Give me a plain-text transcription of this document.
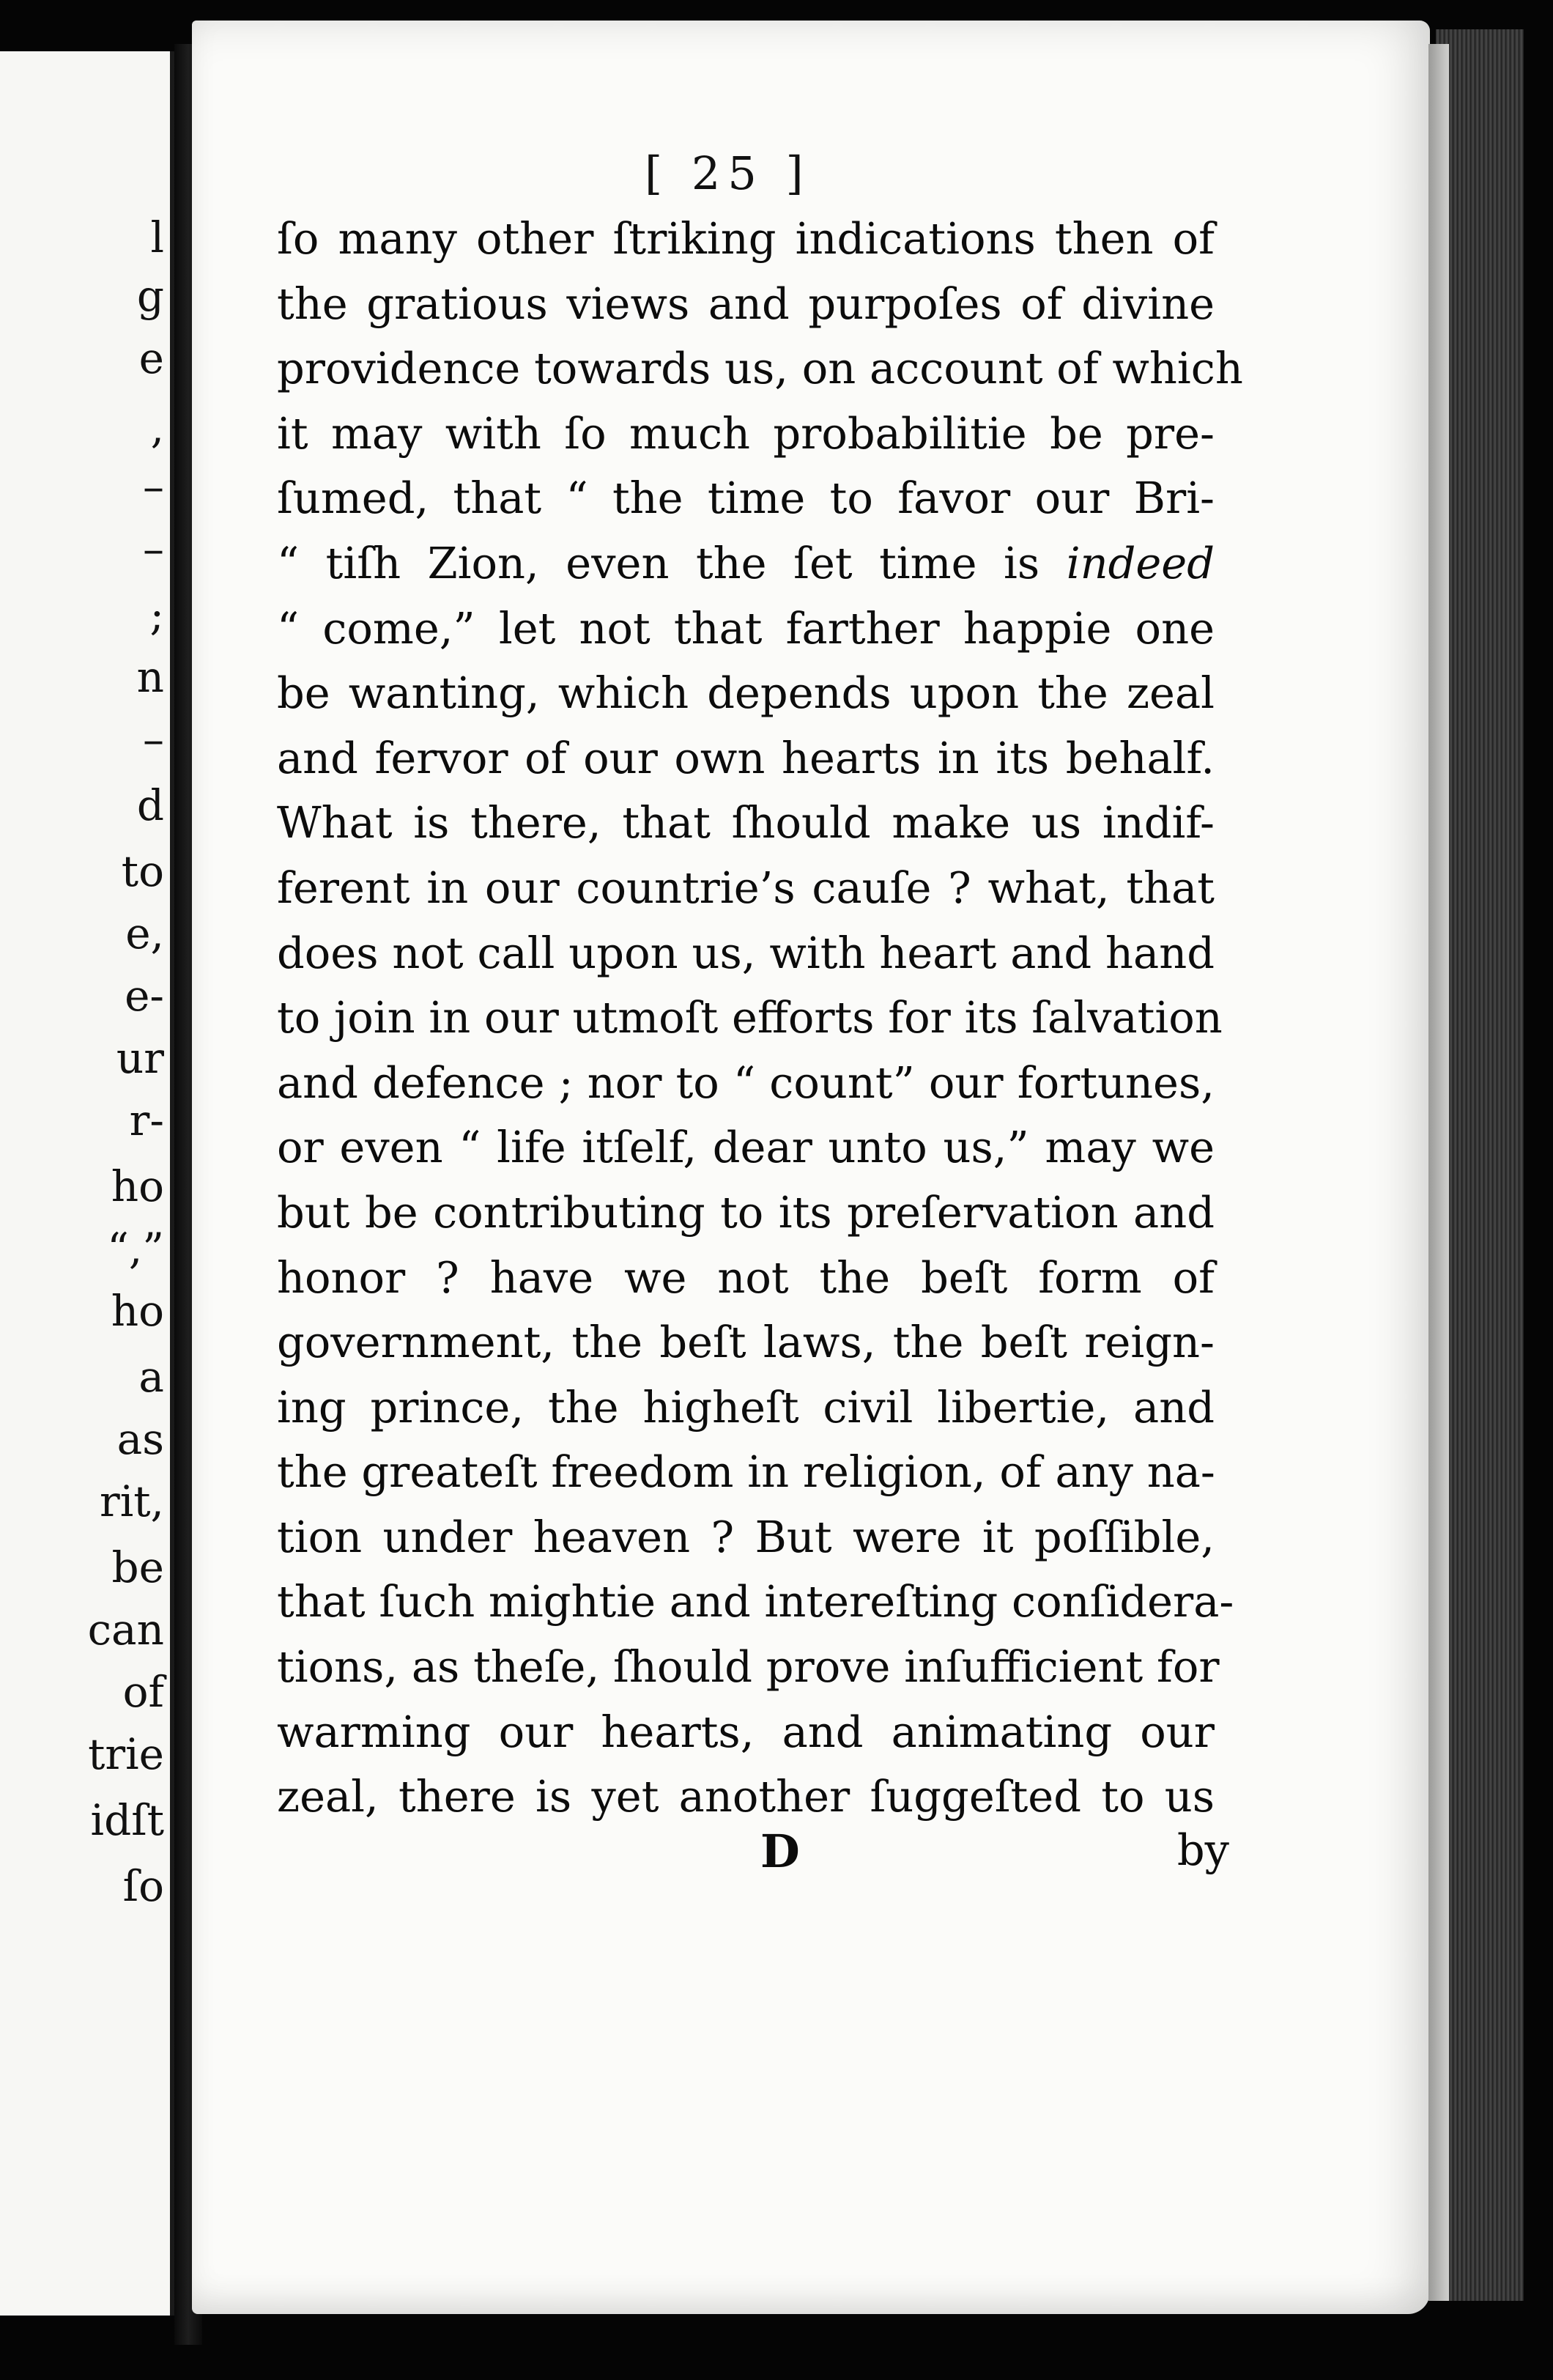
l
g
e
,
–
–
;
n
–
d
to
e,
e-
ur
r-
ho
“,”
ho
a
as
rit,
be
can
of
trie
idſt
ſo
[ 25 ]
ſo many other ſtriking indications then of
the gratious views and purpoſes of divine
providence towards us, on account of which
it may with ſo much probabilitie be pre-
ſumed, that “ the time to favor our Bri-
“ tiſh Zion, even the ſet time is indeed
“ come,” let not that farther happie one
be wanting, which depends upon the zeal
and fervor of our own hearts in its behalf.
What is there, that ſhould make us indif-
ferent in our countrie’s cauſe ? what, that
does not call upon us, with heart and hand
to join in our utmoſt efforts for its ſalvation
and defence ; nor to “ count” our fortunes,
or even “ life itſelf, dear unto us,” may we
but be contributing to its preſervation and
honor ? have we not the beſt form of
government, the beſt laws, the beſt reign-
ing prince, the higheſt civil libertie, and
the greateſt freedom in religion, of any na-
tion under heaven ? But were it poſſible,
that ſuch mightie and intereſting conſidera-
tions, as theſe, ſhould prove inſufficient for
warming our hearts, and animating our
zeal, there is yet another ſuggeſted to us
D	by
